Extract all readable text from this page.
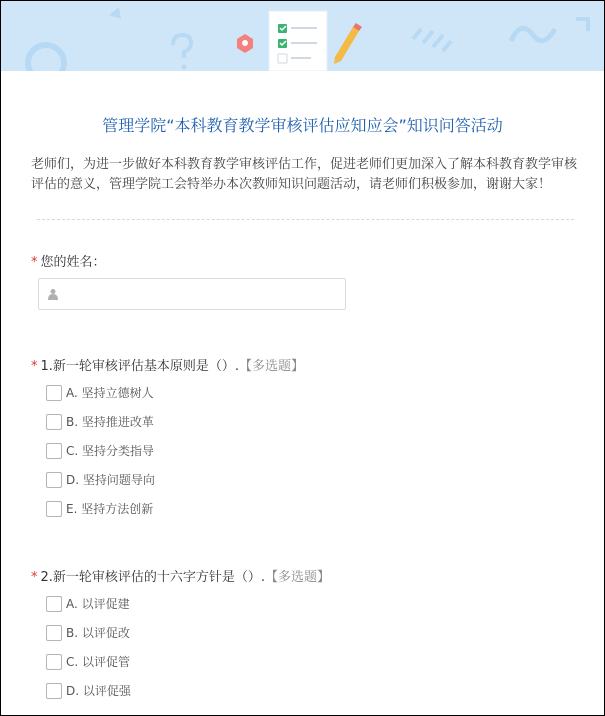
管理学院“本科教育教学审核评估应知应会”知识问答活动
老师们，为进一步做好本科教育教学审核评估工作，促进老师们更加深入了解本科教育教学审核评估的意义，管理学院工会特举办本次教师知识问题活动，请老师们积极参加，谢谢大家！
* 您的姓名：
* 1.新一轮审核评估基本原则是（）.【多选题】
A. 坚持立德树人
B. 坚持推进改革
C. 坚持分类指导
D. 坚持问题导向
E. 坚持方法创新
* 2.新一轮审核评估的十六字方针是（）.【多选题】
A. 以评促建
B. 以评促改
C. 以评促管
D. 以评促强
